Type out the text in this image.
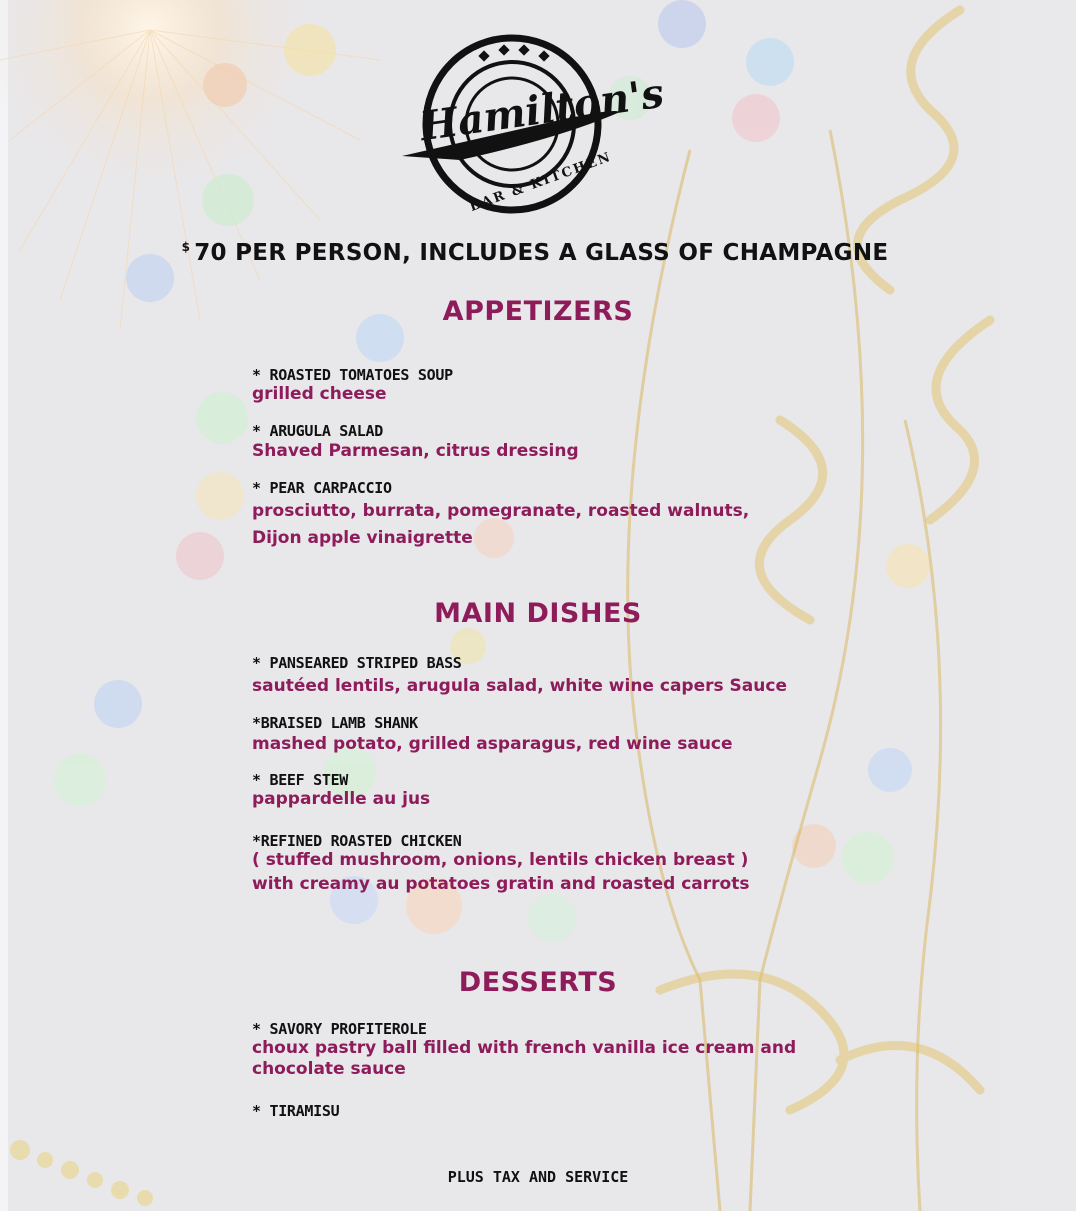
Hamilton's
BAR & KITCHEN
$ 70 PER PERSON, INCLUDES A GLASS OF CHAMPAGNE
APPETIZERS
* ROASTED TOMATOES SOUP
grilled cheese
* ARUGULA SALAD
Shaved Parmesan, citrus dressing
* PEAR CARPACCIO
prosciutto, burrata, pomegranate, roasted walnuts, Dijon apple vinaigrette
MAIN DISHES
* PANSEARED STRIPED BASS
sautéed lentils, arugula salad, white wine capers Sauce
*BRAISED LAMB SHANK
mashed potato, grilled asparagus, red wine sauce
* BEEF STEW
pappardelle au jus
*REFINED ROASTED CHICKEN
( stuffed mushroom, onions, lentils chicken breast ) with creamy au potatoes gratin and roasted carrots
DESSERTS
* SAVORY PROFITEROLE
choux pastry ball filled with french vanilla ice cream and chocolate sauce
* TIRAMISU
PLUS TAX AND SERVICE
